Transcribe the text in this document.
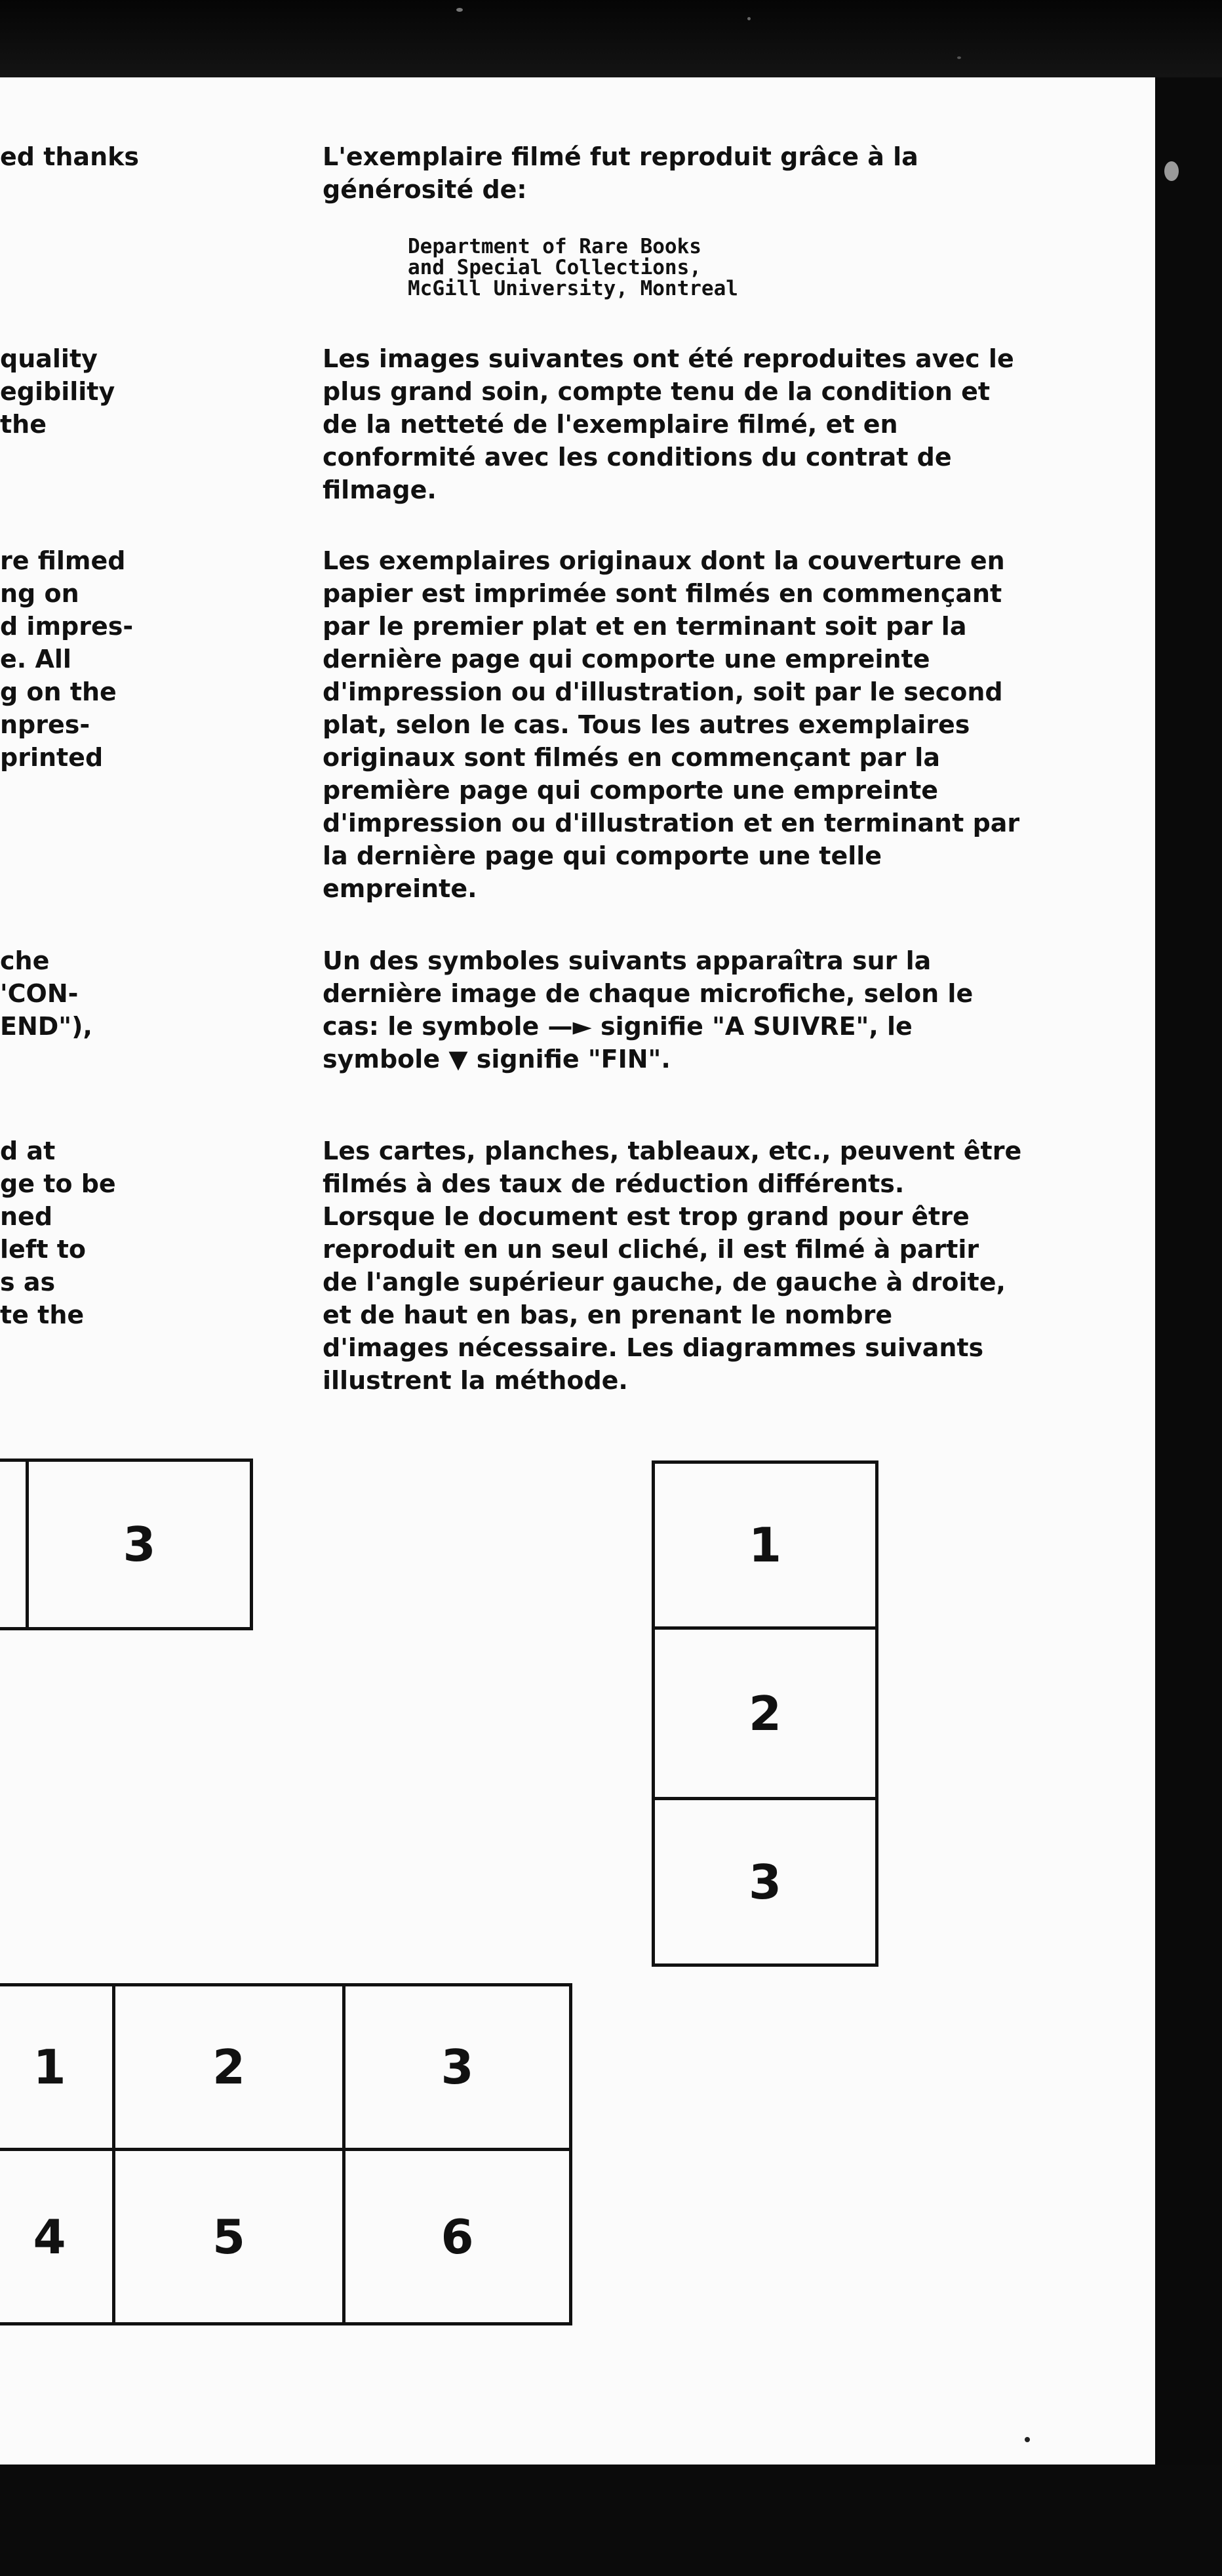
ed thanks
quality
egibility
the
re filmed
ng on
d impres-
e. All
g on the
npres-
printed
che
'CON-
END"),
d at
ge to be
ned
left to
s as
te the
L'exemplaire filmé fut reproduit grâce à la
générosité de:
Department of Rare Books
and Special Collections,
McGill University, Montreal
Les images suivantes ont été reproduites avec le
plus grand soin, compte tenu de la condition et
de la netteté de l'exemplaire filmé, et en
conformité avec les conditions du contrat de
filmage.
Les exemplaires originaux dont la couverture en
papier est imprimée sont filmés en commençant
par le premier plat et en terminant soit par la
dernière page qui comporte une empreinte
d'impression ou d'illustration, soit par le second
plat, selon le cas. Tous les autres exemplaires
originaux sont filmés en commençant par la
première page qui comporte une empreinte
d'impression ou d'illustration et en terminant par
la dernière page qui comporte une telle
empreinte.
Un des symboles suivants apparaîtra sur la
dernière image de chaque microfiche, selon le
cas: le symbole —► signifie "A SUIVRE", le
symbole ▼ signifie "FIN".
Les cartes, planches, tableaux, etc., peuvent être
filmés à des taux de réduction différents.
Lorsque le document est trop grand pour être
reproduit en un seul cliché, il est filmé à partir
de l'angle supérieur gauche, de gauche à droite,
et de haut en bas, en prenant le nombre
d'images nécessaire. Les diagrammes suivants
illustrent la méthode.
3	1
2
3
1	2	3
4	5	6
